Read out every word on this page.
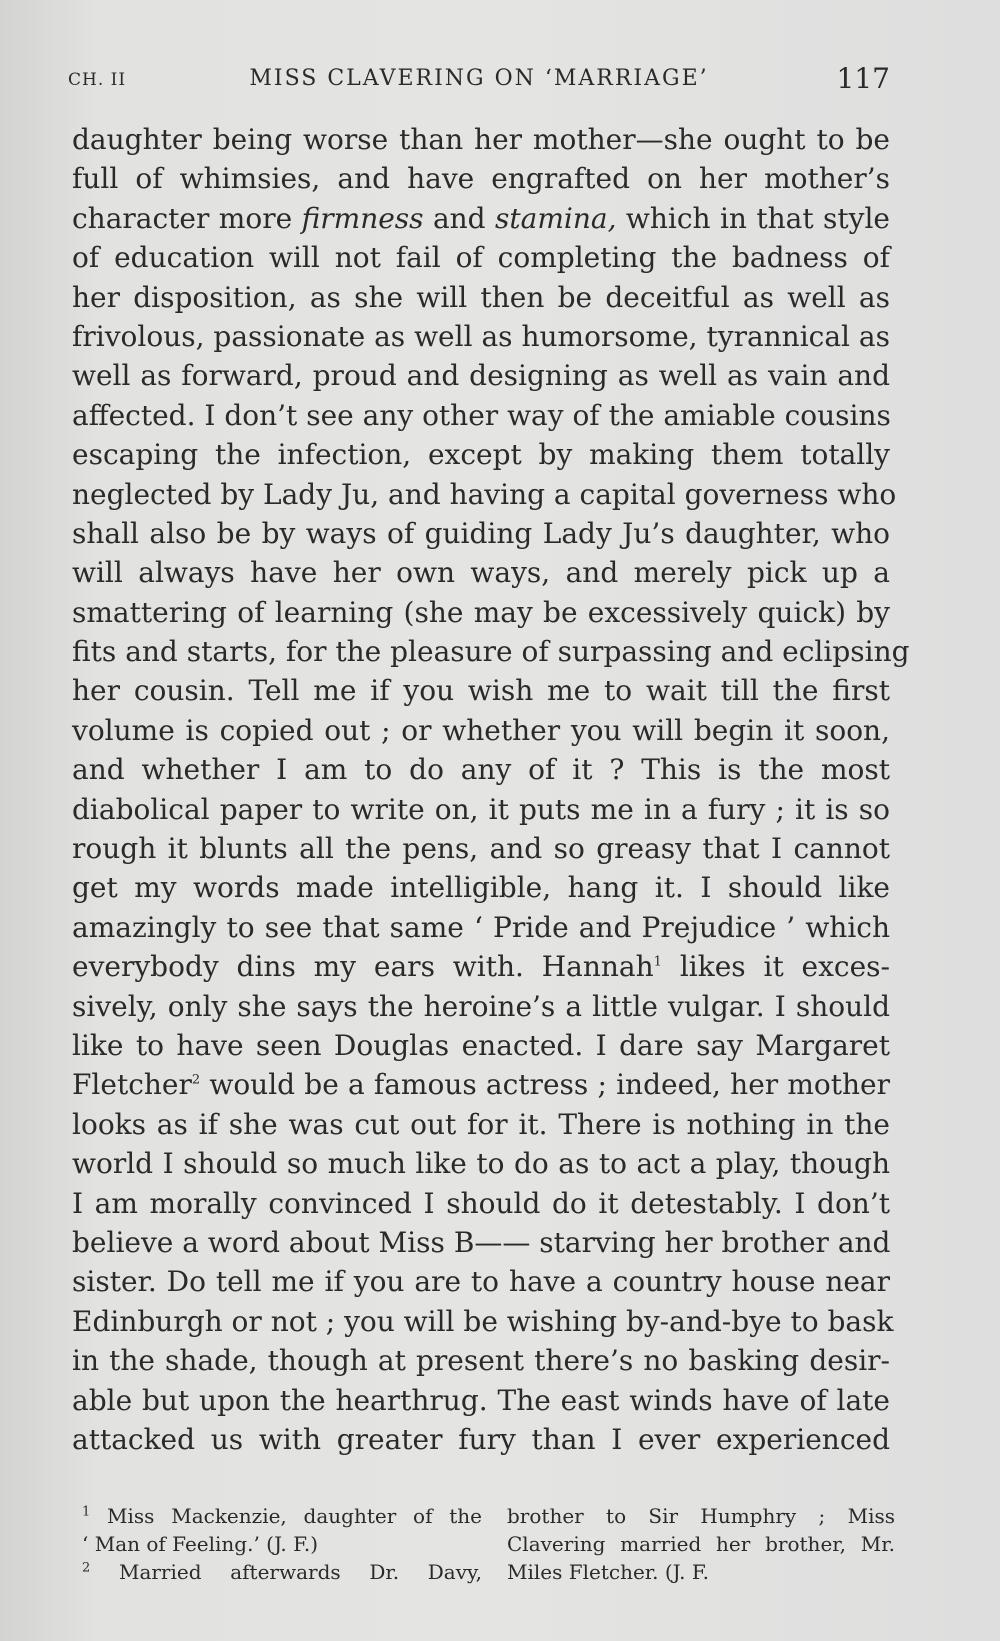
CH. II	MISS CLAVERING ON ‘MARRIAGE’	117
daughter being worse than her mother—she ought to be
full of whimsies, and have engrafted on her mother’s
character more firmness and stamina, which in that style
of education will not fail of completing the badness of
her disposition, as she will then be deceitful as well as
frivolous, passionate as well as humorsome, tyrannical as
well as forward, proud and designing as well as vain and
affected. I don’t see any other way of the amiable cousins
escaping the infection, except by making them totally
neglected by Lady Ju, and having a capital governess who
shall also be by ways of guiding Lady Ju’s daughter, who
will always have her own ways, and merely pick up a
smattering of learning (she may be excessively quick) by
fits and starts, for the pleasure of surpassing and eclipsing
her cousin. Tell me if you wish me to wait till the first
volume is copied out ; or whether you will begin it soon,
and whether I am to do any of it ? This is the most
diabolical paper to write on, it puts me in a fury ; it is so
rough it blunts all the pens, and so greasy that I cannot
get my words made intelligible, hang it. I should like
amazingly to see that same ‘ Pride and Prejudice ’ which
everybody dins my ears with. Hannah$^1$ likes it exces-
sively, only she says the heroine’s a little vulgar. I should
like to have seen Douglas enacted. I dare say Margaret
Fletcher$^2$ would be a famous actress ; indeed, her mother
looks as if she was cut out for it. There is nothing in the
world I should so much like to do as to act a play, though
I am morally convinced I should do it detestably. I don’t
believe a word about Miss B—— starving her brother and
sister. Do tell me if you are to have a country house near
Edinburgh or not ; you will be wishing by-and-bye to bask
in the shade, though at present there’s no basking desir-
able but upon the hearthrug. The east winds have of late
attacked us with greater fury than I ever experienced
$^1$ Miss Mackenzie, daughter of the
‘ Man of Feeling.’ (J. F.)
$^2$ Married afterwards Dr. Davy,
brother to Sir Humphry ; Miss
Clavering married her brother, Mr.
Miles Fletcher. (J. F.
